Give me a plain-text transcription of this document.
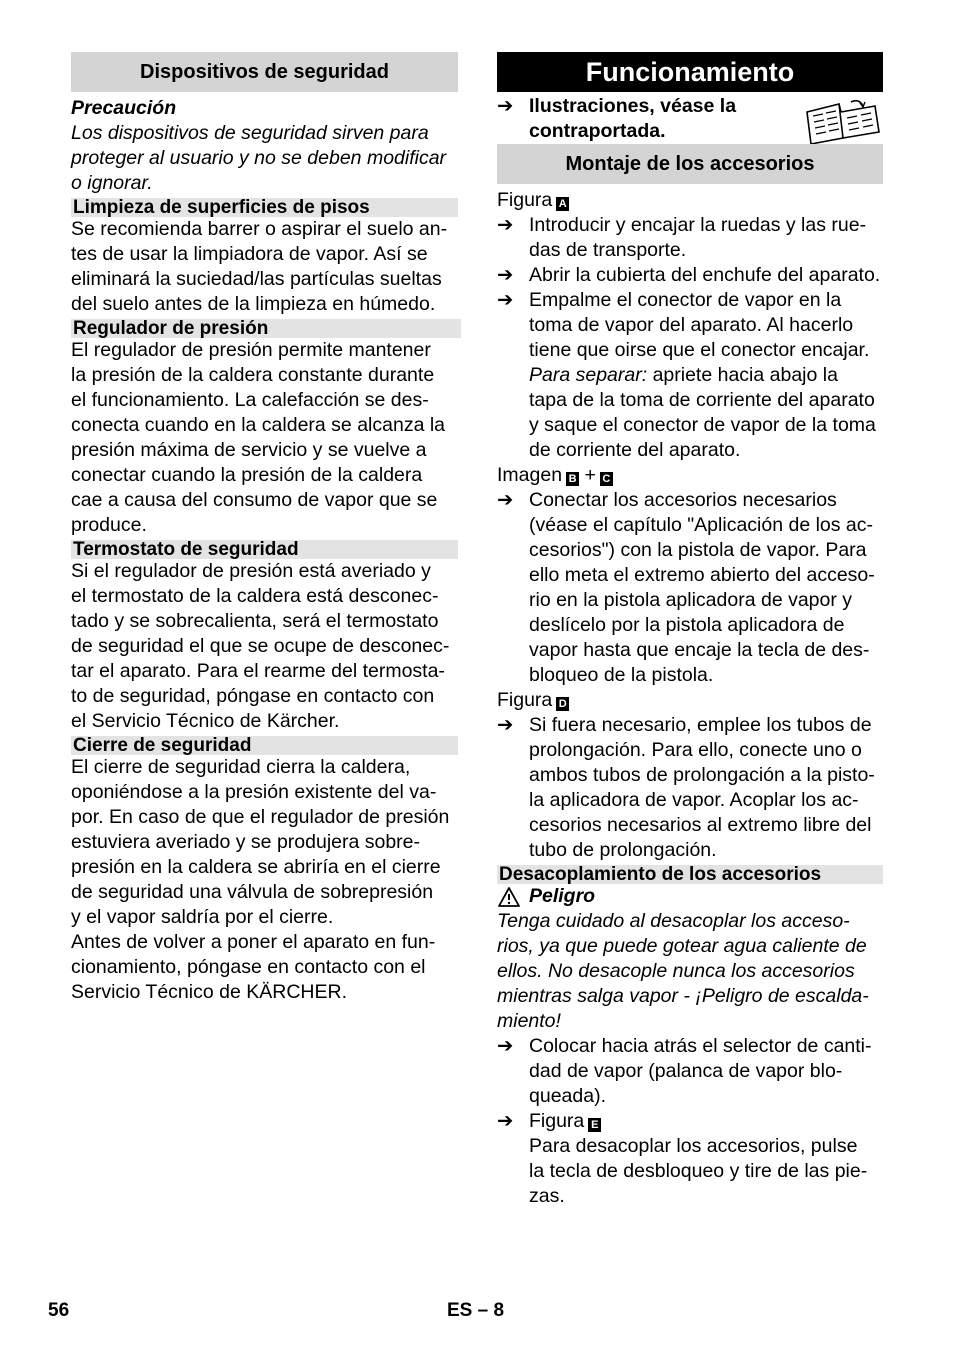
Dispositivos de seguridad

Precaución

Los dispositivos de seguridad sirven para

proteger al usuario y no se deben modificar

o ignorar.

Limpieza de superficies de pisos

Se recomienda barrer o aspirar el suelo an-

tes de usar la limpiadora de vapor. Así se

eliminará la suciedad/las partículas sueltas

del suelo antes de la limpieza en húmedo.

Regulador de presión

El regulador de presión permite mantener

la presión de la caldera constante durante

el funcionamiento. La calefacción se des-

conecta cuando en la caldera se alcanza la

presión máxima de servicio y se vuelve a

conectar cuando la presión de la caldera

cae a causa del consumo de vapor que se

produce.

Termostato de seguridad

Si el regulador de presión está averiado y

el termostato de la caldera está desconec-

tado y se sobrecalienta, será el termostato

de seguridad el que se ocupe de desconec-

tar el aparato. Para el rearme del termosta-

to de seguridad, póngase en contacto con

el Servicio Técnico de Kärcher.

Cierre de seguridad

El cierre de seguridad cierra la caldera,

oponiéndose a la presión existente del va-

por. En caso de que el regulador de presión

estuviera averiado y se produjera sobre-

presión en la caldera se abriría en el cierre

de seguridad una válvula de sobrepresión

y el vapor saldría por el cierre.

Antes de volver a poner el aparato en fun-

cionamiento, póngase en contacto con el

Servicio Técnico de KÄRCHER.

Funcionamiento
➔ Ilustraciones, véase la

contraportada.

Montaje de los accesorios

Figura A

➔ Introducir y encajar la ruedas y las rue-

das de transporte.

➔ Abrir la cubierta del enchufe del aparato.

➔ Empalme el conector de vapor en la

toma de vapor del aparato. Al hacerlo

tiene que oirse que el conector encajar.

Para separar: apriete hacia abajo la

tapa de la toma de corriente del aparato

y saque el conector de vapor de la toma

de corriente del aparato.

Imagen B + C

➔ Conectar los accesorios necesarios

(véase el capítulo "Aplicación de los ac-

cesorios") con la pistola de vapor. Para

ello meta el extremo abierto del acceso-

rio en la pistola aplicadora de vapor y

deslícelo por la pistola aplicadora de

vapor hasta que encaje la tecla de des-

bloqueo de la pistola.

Figura D

➔ Si fuera necesario, emplee los tubos de

prolongación. Para ello, conecte uno o

ambos tubos de prolongación a la pisto-

la aplicadora de vapor. Acoplar los ac-

cesorios necesarios al extremo libre del

tubo de prolongación.

Desacoplamiento de los accesorios
Peligro

Tenga cuidado al desacoplar los acceso-

rios, ya que puede gotear agua caliente de

ellos. No desacople nunca los accesorios

mientras salga vapor - ¡Peligro de escalda-

miento!

➔ Colocar hacia atrás el selector de canti-

dad de vapor (palanca de vapor blo-

queada).

➔ Figura E

Para desacoplar los accesorios, pulse

la tecla de desbloqueo y tire de las pie-

zas.

56	ES – 8
